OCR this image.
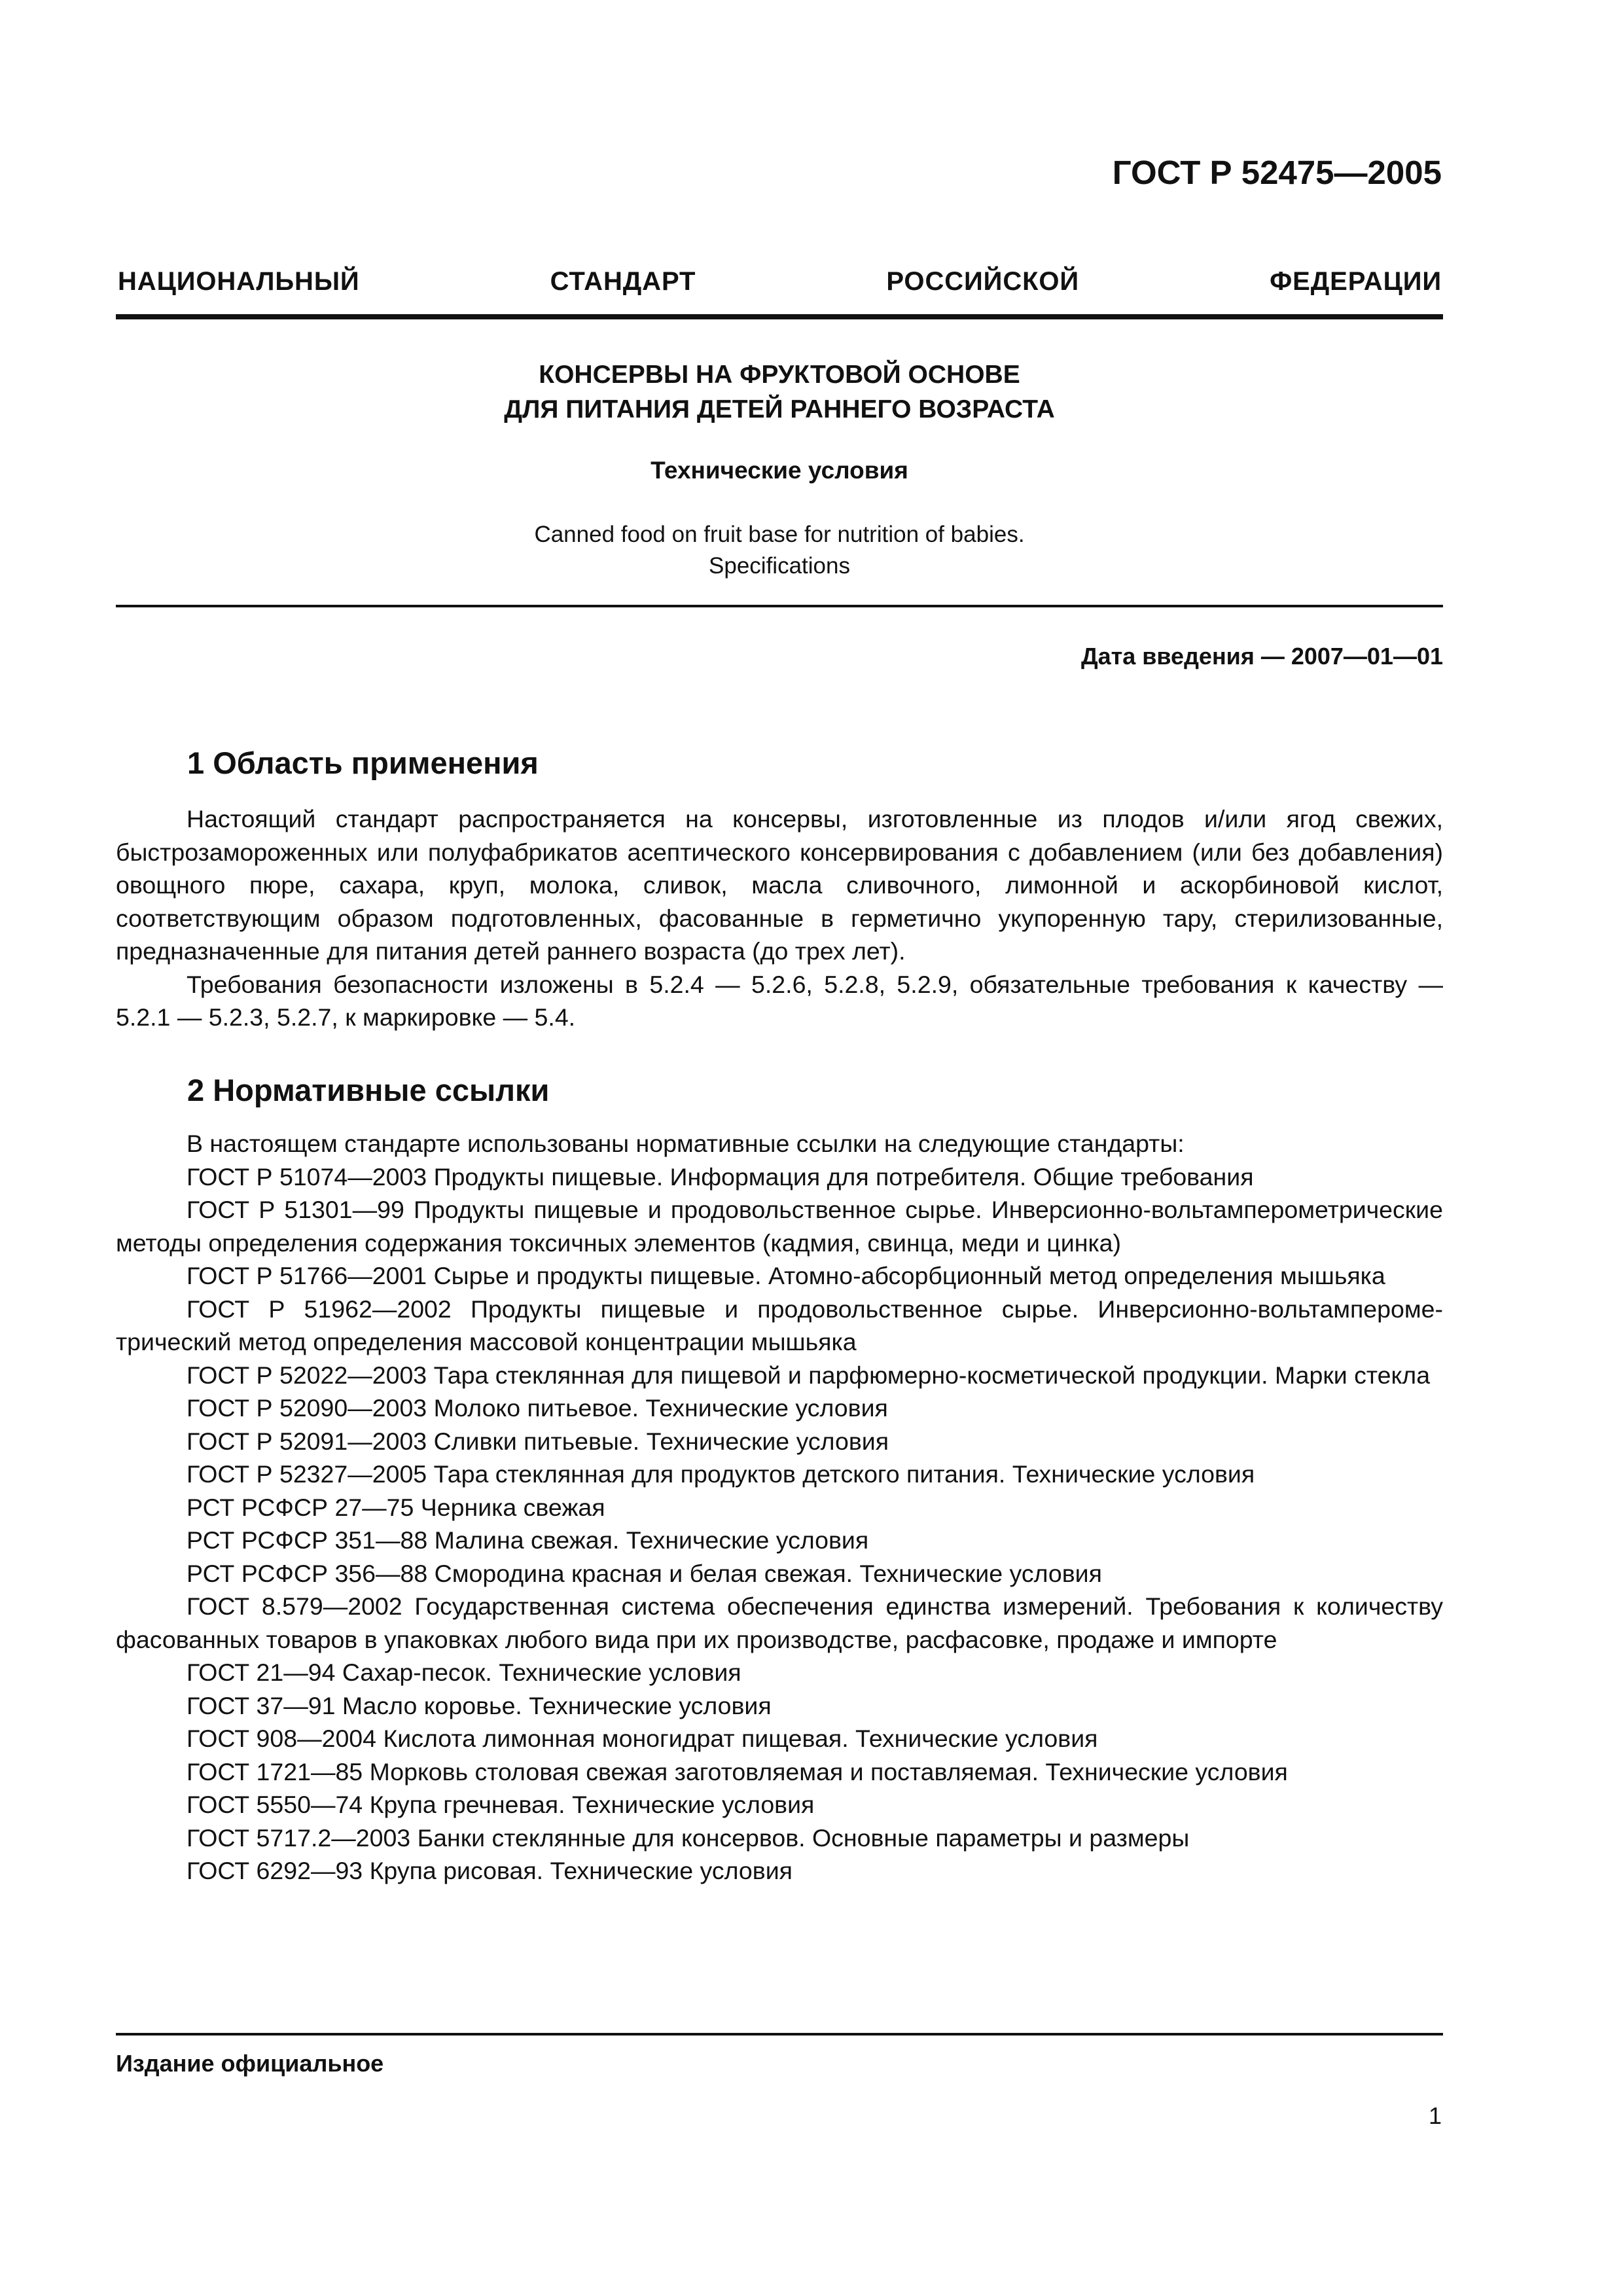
ГОСТ Р 52475—2005
НАЦИОНАЛЬНЫЙ СТАНДАРТ РОССИЙСКОЙ ФЕДЕРАЦИИ
КОНСЕРВЫ НА ФРУКТОВОЙ ОСНОВЕ
ДЛЯ ПИТАНИЯ ДЕТЕЙ РАННЕГО ВОЗРАСТА
Технические условия
Canned food on fruit base for nutrition of babies.
Specifications
Дата введения — 2007—01—01
1 Область применения

Настоящий стандарт распространяется на консервы, изготовленные из плодов и/или ягод свежих, быстрозамороженных или полуфабрикатов асептического консервирования с добавлением (или без добавления) овощного пюре, сахара, круп, молока, сливок, масла сливочного, лимонной и аскорбиновой кислот, соответствующим образом подготовленных, фасованные в герметично укупоренную тару, стерилизованные, предназначенные для питания детей раннего возраста (до трех лет).

Требования безопасности изложены в 5.2.4 — 5.2.6, 5.2.8, 5.2.9, обязательные требования к качеству — 5.2.1 — 5.2.3, 5.2.7, к маркировке — 5.4.

2 Нормативные ссылки

В настоящем стандарте использованы нормативные ссылки на следующие стандарты:

ГОСТ Р 51074—2003 Продукты пищевые. Информация для потребителя. Общие требования

ГОСТ Р 51301—99 Продукты пищевые и продовольственное сырье. Инверсионно-вольтамперометрические методы определения содержания токсичных элементов (кадмия, свинца, меди и цинка)

ГОСТ Р 51766—2001 Сырье и продукты пищевые. Атомно-абсорбционный метод определения мышьяка

ГОСТ Р 51962—2002 Продукты пищевые и продовольственное сырье. Инверсионно-вольтамперометрический метод определения массовой концентрации мышьяка

ГОСТ Р 52022—2003 Тара стеклянная для пищевой и парфюмерно-косметической продукции. Марки стекла

ГОСТ Р 52090—2003 Молоко питьевое. Технические условия

ГОСТ Р 52091—2003 Сливки питьевые. Технические условия

ГОСТ Р 52327—2005 Тара стеклянная для продуктов детского питания. Технические условия

РСТ РСФСР 27—75 Черника свежая

РСТ РСФСР 351—88 Малина свежая. Технические условия

РСТ РСФСР 356—88 Смородина красная и белая свежая. Технические условия

ГОСТ 8.579—2002 Государственная система обеспечения единства измерений. Требования к количеству фасованных товаров в упаковках любого вида при их производстве, расфасовке, продаже и импорте

ГОСТ 21—94 Сахар-песок. Технические условия

ГОСТ 37—91 Масло коровье. Технические условия

ГОСТ 908—2004 Кислота лимонная моногидрат пищевая. Технические условия

ГОСТ 1721—85 Морковь столовая свежая заготовляемая и поставляемая. Технические условия

ГОСТ 5550—74 Крупа гречневая. Технические условия

ГОСТ 5717.2—2003 Банки стеклянные для консервов. Основные параметры и размеры

ГОСТ 6292—93 Крупа рисовая. Технические условия

Издание официальное
1
